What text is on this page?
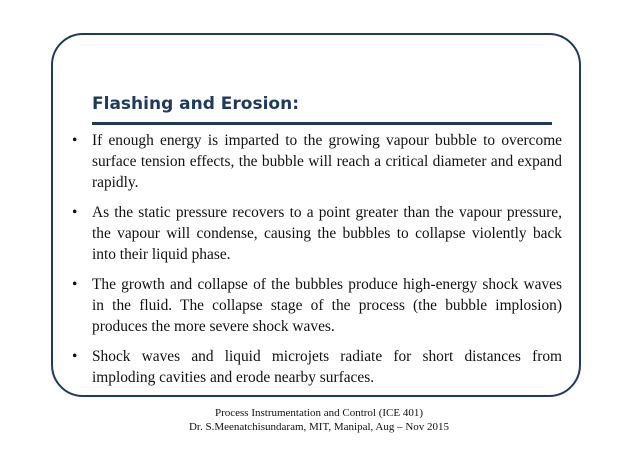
Flashing and Erosion:
• If enough energy is imparted to the growing vapour bubble to overcome surface tension effects, the bubble will reach a critical diameter and expand rapidly.
• As the static pressure recovers to a point greater than the vapour pressure, the vapour will condense, causing the bubbles to collapse violently back into their liquid phase.
• The growth and collapse of the bubbles produce high-energy shock waves in the fluid. The collapse stage of the process (the bubble implosion) produces the more severe shock waves.
• Shock waves and liquid microjets radiate for short distances from imploding cavities and erode nearby surfaces.
Process Instrumentation and Control (ICE 401)
Dr. S.Meenatchisundaram, MIT, Manipal, Aug – Nov 2015
